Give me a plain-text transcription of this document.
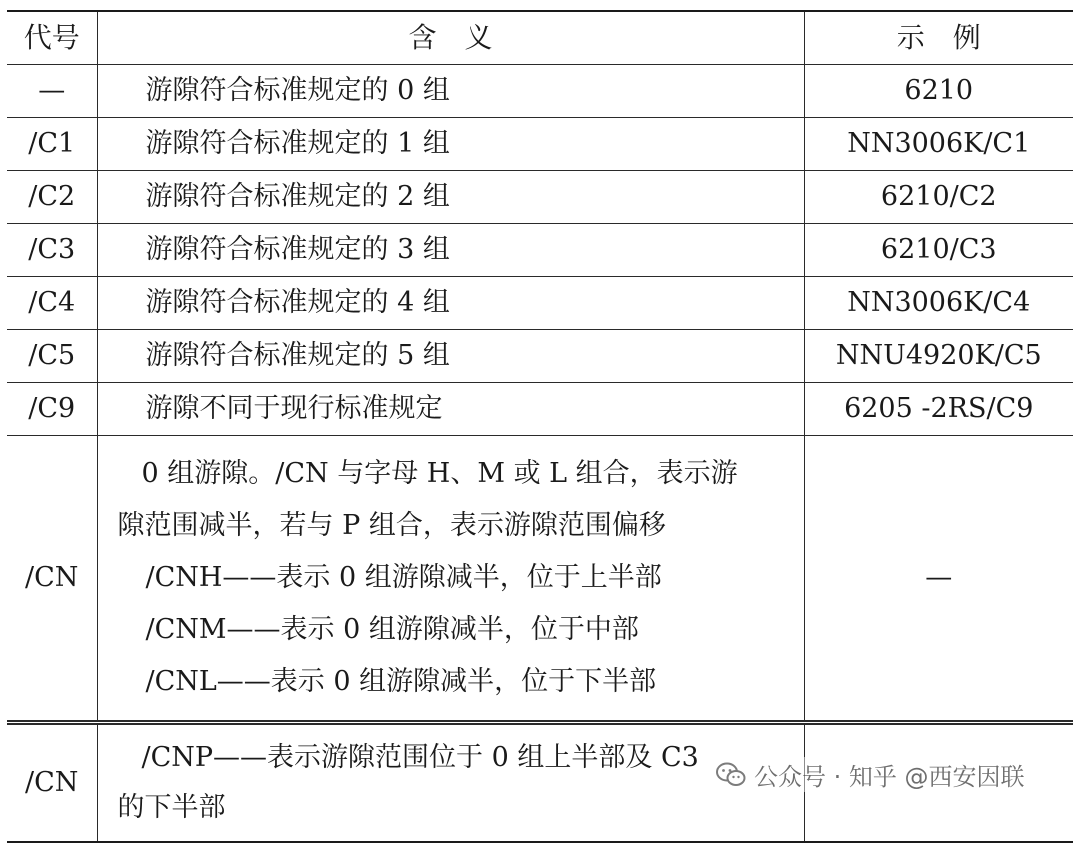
代号	含　义	示　例
—	游隙符合标准规定的 0 组	6210
/C1	游隙符合标准规定的 1 组	NN3006K/C1
/C2	游隙符合标准规定的 2 组	6210/C2
/C3	游隙符合标准规定的 3 组	6210/C3
/C4	游隙符合标准规定的 4 组	NN3006K/C4
/C5	游隙符合标准规定的 5 组	NNU4920K/C5
/C9	游隙不同于现行标准规定	6205 -2RS/C9
/CN	0 组游隙。/CN 与字母 H、M 或 L 组合，表示游
隙范围减半，若与 P 组合，表示游隙范围偏移
/CNH——表示 0 组游隙减半，位于上半部
/CNM——表示 0 组游隙减半，位于中部
/CNL——表示 0 组游隙减半，位于下半部	—
/CN	/CNP——表示游隙范围位于 0 组上半部及 C3
的下半部	

公众号 · 知乎 @西安因联
